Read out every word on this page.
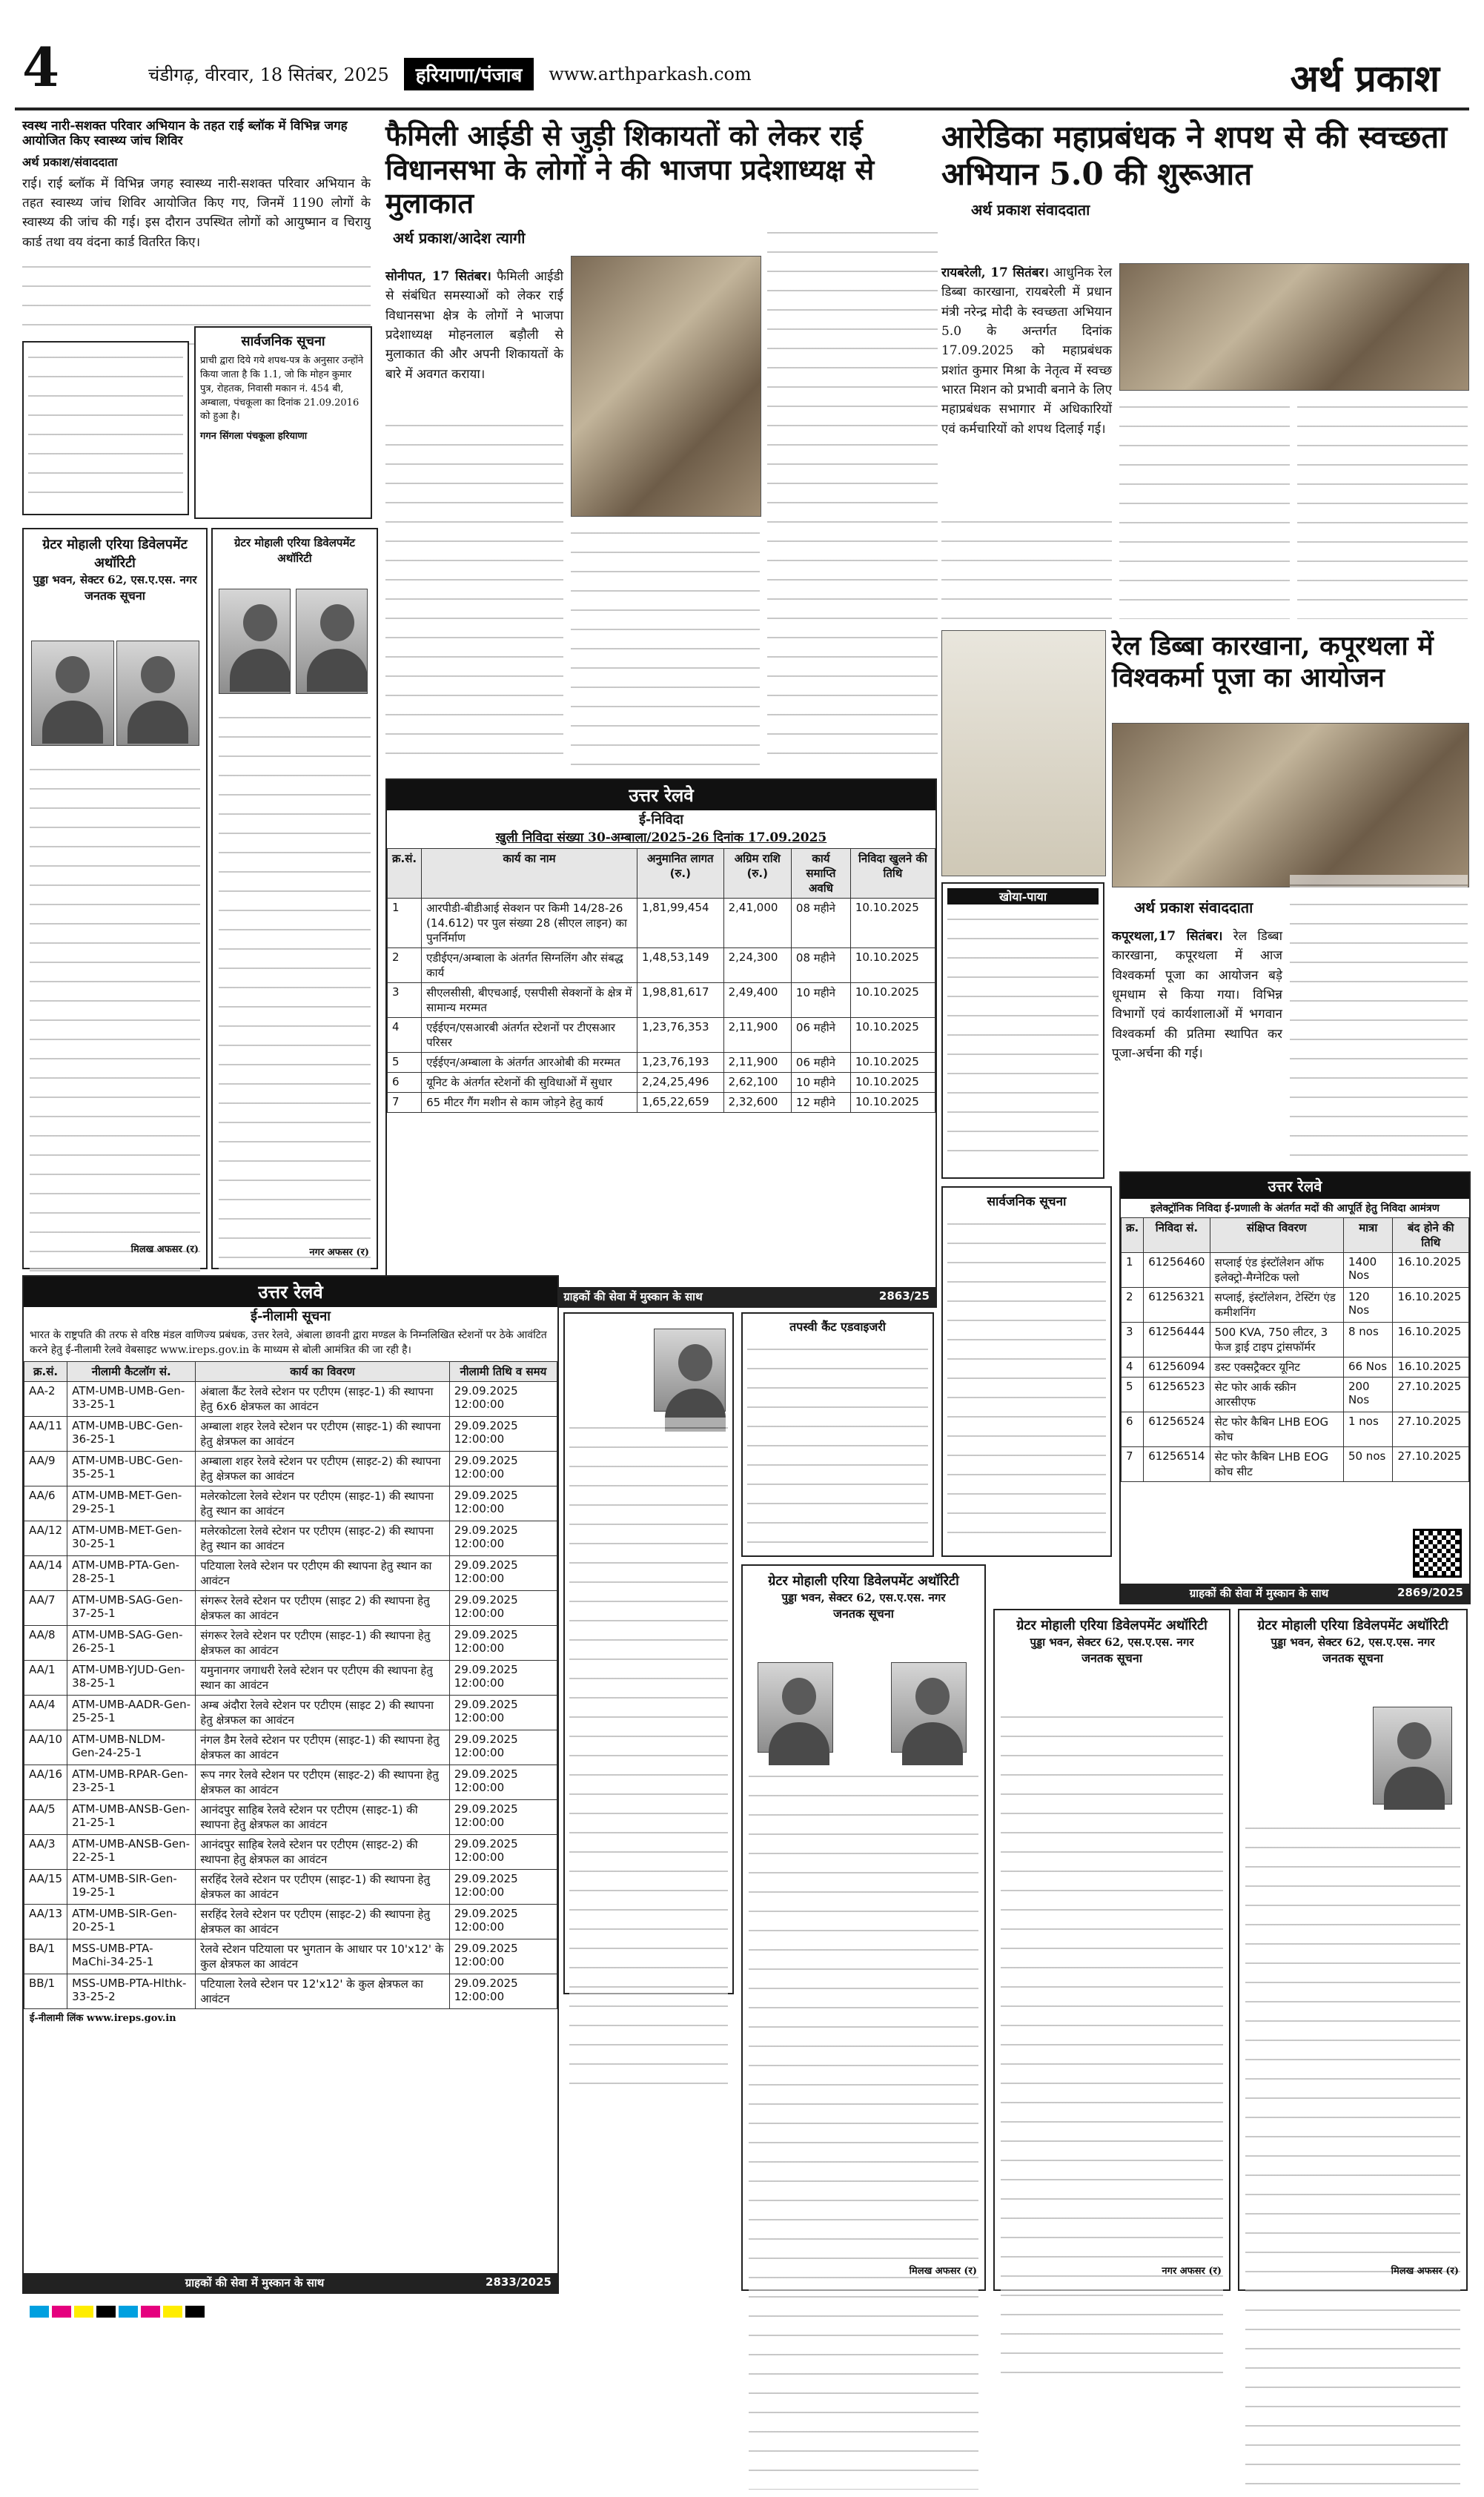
4	चंडीगढ़, वीरवार, 18 सितंबर, 2025	हरियाणा/पंजाब	www.arthparkash.com	अर्थ प्रकाश
स्वस्थ नारी-सशक्त परिवार अभियान के तहत राई ब्लॉक में विभिन्न जगह आयोजित किए स्वास्थ्य जांच शिविर
अर्थ प्रकाश/संवाददाता

राई। राई ब्लॉक में विभिन्न जगह स्वास्थ्य नारी-सशक्त परिवार अभियान के तहत स्वास्थ्य जांच शिविर आयोजित किए गए, जिनमें 1190 लोगों के स्वास्थ्य की जांच की गई। इस दौरान उपस्थित लोगों को आयुष्मान व चिरायु कार्ड तथा वय वंदना कार्ड वितरित किए।

सार्वजनिक सूचना
प्राची द्वारा दिये गये शपथ-पत्र के अनुसार उन्होंने किया जाता है कि 1.1, जो कि मोहन कुमार पुत्र, रोहतक, निवासी मकान नं. 454 बी, अम्बाला, पंचकूला का दिनांक 21.09.2016 को हुआ है।
गगन सिंगला पंचकूला हरियाणा
ग्रेटर मोहाली एरिया डिवेलपमेंट अथॉरिटी
पुड्डा भवन, सेक्टर 62, एस.ए.एस. नगर
जनतक सूचना
मिलख अफसर (र)
ग्रेटर मोहाली एरिया डिवेलपमेंट अथॉरिटी
नगर अफसर (र)
फैमिली आईडी से जुड़ी शिकायतों को लेकर राई विधानसभा के लोगों ने की भाजपा प्रदेशाध्यक्ष से मुलाकात
अर्थ प्रकाश/आदेश त्यागी
सोनीपत, 17 सितंबर। फैमिली आईडी से संबंधित समस्याओं को लेकर राई विधानसभा क्षेत्र के लोगों ने भाजपा प्रदेशाध्यक्ष मोहनलाल बड़ौली से मुलाकात की और अपनी शिकायतों के बारे में अवगत कराया।
आरेडिका महाप्रबंधक ने शपथ से की स्वच्छता अभियान 5.0 की शुरूआत
अर्थ प्रकाश संवाददाता
रायबरेली, 17 सितंबर। आधुनिक रेल डिब्बा कारखाना, रायबरेली में प्रधान मंत्री नरेन्द्र मोदी के स्वच्छता अभियान 5.0 के अन्तर्गत दिनांक 17.09.2025 को महाप्रबंधक प्रशांत कुमार मिश्रा के नेतृत्व में स्वच्छ भारत मिशन को प्रभावी बनाने के लिए महाप्रबंधक सभागार में अधिकारियों एवं कर्मचारियों को शपथ दिलाई गई।
रेल डिब्बा कारखाना, कपूरथला में विश्वकर्मा पूजा का आयोजन
अर्थ प्रकाश संवाददाता
कपूरथला,17 सितंबर। रेल डिब्बा कारखाना, कपूरथला में आज विश्वकर्मा पूजा का आयोजन बड़े धूमधाम से किया गया। विभिन्न विभागों एवं कार्यशालाओं में भगवान विश्वकर्मा की प्रतिमा स्थापित कर पूजा-अर्चना की गई।
खोया-पाया
उत्तर रेलवे
ई-निविदा
खुली निविदा संख्या 30-अम्बाला/2025-26 दिनांक 17.09.2025
क्र.सं.	कार्य का नाम	अनुमानित लागत (रु.)	अग्रिम राशि (रु.)	कार्य समाप्ति अवधि	निविदा खुलने की तिथि
1	आरपीडी-बीडीआई सेक्शन पर किमी 14/28-26 (14.612) पर पुल संख्या 28 (सीएल लाइन) का पुनर्निर्माण	1,81,99,454	2,41,000	08 महीने	10.10.2025
2	एडीईएन/अम्बाला के अंतर्गत सिग्नलिंग और संबद्ध कार्य	1,48,53,149	2,24,300	08 महीने	10.10.2025
3	सीएलसीसी, बीएचआई, एसपीसी सेक्शनों के क्षेत्र में सामान्य मरम्मत	1,98,81,617	2,49,400	10 महीने	10.10.2025
4	एईईएन/एसआरबी अंतर्गत स्टेशनों पर टीएसआर परिसर	1,23,76,353	2,11,900	06 महीने	10.10.2025
5	एईईएन/अम्बाला के अंतर्गत आरओबी की मरम्मत	1,23,76,193	2,11,900	06 महीने	10.10.2025
6	यूनिट के अंतर्गत स्टेशनों की सुविधाओं में सुधार	2,24,25,496	2,62,100	10 महीने	10.10.2025
7	65 मीटर गैंग मशीन से काम जोड़ने हेतु कार्य	1,65,22,659	2,32,600	12 महीने	10.10.2025
ग्राहकों की सेवा में मुस्कान के साथ	2863/25
सार्वजनिक सूचना
तपस्वी कैंट एडवाइजरी
उत्तर रेलवे
इलेक्ट्रॉनिक निविदा ई-प्रणाली के अंतर्गत मदों की आपूर्ति हेतु निविदा आमंत्रण
क्र.	निविदा सं.	संक्षिप्त विवरण	मात्रा	बंद होने की तिथि
1	61256460	सप्लाई एंड इंस्टॉलेशन ऑफ इलेक्ट्रो-मैग्नेटिक फ्लो	1400 Nos	16.10.2025
2	61256321	सप्लाई, इंस्टॉलेशन, टेस्टिंग एंड कमीशनिंग	120 Nos	16.10.2025
3	61256444	500 KVA, 750 लीटर, 3 फेज ड्राई टाइप ट्रांसफॉर्मर	8 nos	16.10.2025
4	61256094	डस्ट एक्सट्रैक्टर यूनिट	66 Nos	16.10.2025
5	61256523	सेट फोर आर्क स्क्रीन आरसीएफ	200 Nos	27.10.2025
6	61256524	सेट फोर कैबिन LHB EOG कोच	1 nos	27.10.2025
7	61256514	सेट फोर कैबिन LHB EOG कोच सीट	50 nos	27.10.2025
ग्राहकों की सेवा में मुस्कान के साथ	2869/2025
उत्तर रेलवे
ई-नीलामी सूचना
भारत के राष्ट्रपति की तरफ से वरिष्ठ मंडल वाणिज्य प्रबंधक, उत्तर रेलवे, अंबाला छावनी द्वारा मण्डल के निम्नलिखित स्टेशनों पर ठेके आवंटित करने हेतु ई-नीलामी रेलवे वेबसाइट www.ireps.gov.in के माध्यम से बोली आमंत्रित की जा रही है।
क्र.सं.	नीलामी कैटलॉग सं.	कार्य का विवरण	नीलामी तिथि व समय
AA-2	ATM-UMB-UMB-Gen-33-25-1	अंबाला कैंट रेलवे स्टेशन पर एटीएम (साइट-1) की स्थापना हेतु 6x6 क्षेत्रफल का आवंटन	29.09.2025 12:00:00
AA/11	ATM-UMB-UBC-Gen-36-25-1	अम्बाला शहर रेलवे स्टेशन पर एटीएम (साइट-1) की स्थापना हेतु क्षेत्रफल का आवंटन	29.09.2025 12:00:00
AA/9	ATM-UMB-UBC-Gen-35-25-1	अम्बाला शहर रेलवे स्टेशन पर एटीएम (साइट-2) की स्थापना हेतु क्षेत्रफल का आवंटन	29.09.2025 12:00:00
AA/6	ATM-UMB-MET-Gen-29-25-1	मलेरकोटला रेलवे स्टेशन पर एटीएम (साइट-1) की स्थापना हेतु स्थान का आवंटन	29.09.2025 12:00:00
AA/12	ATM-UMB-MET-Gen-30-25-1	मलेरकोटला रेलवे स्टेशन पर एटीएम (साइट-2) की स्थापना हेतु स्थान का आवंटन	29.09.2025 12:00:00
AA/14	ATM-UMB-PTA-Gen-28-25-1	पटियाला रेलवे स्टेशन पर एटीएम की स्थापना हेतु स्थान का आवंटन	29.09.2025 12:00:00
AA/7	ATM-UMB-SAG-Gen-37-25-1	संगरूर रेलवे स्टेशन पर एटीएम (साइट 2) की स्थापना हेतु क्षेत्रफल का आवंटन	29.09.2025 12:00:00
AA/8	ATM-UMB-SAG-Gen-26-25-1	संगरूर रेलवे स्टेशन पर एटीएम (साइट-1) की स्थापना हेतु क्षेत्रफल का आवंटन	29.09.2025 12:00:00
AA/1	ATM-UMB-YJUD-Gen-38-25-1	यमुनानगर जगाधरी रेलवे स्टेशन पर एटीएम की स्थापना हेतु स्थान का आवंटन	29.09.2025 12:00:00
AA/4	ATM-UMB-AADR-Gen-25-25-1	अम्ब अंदौरा रेलवे स्टेशन पर एटीएम (साइट 2) की स्थापना हेतु क्षेत्रफल का आवंटन	29.09.2025 12:00:00
AA/10	ATM-UMB-NLDM-Gen-24-25-1	नंगल डैम रेलवे स्टेशन पर एटीएम (साइट-1) की स्थापना हेतु क्षेत्रफल का आवंटन	29.09.2025 12:00:00
AA/16	ATM-UMB-RPAR-Gen-23-25-1	रूप नगर रेलवे स्टेशन पर एटीएम (साइट-2) की स्थापना हेतु क्षेत्रफल का आवंटन	29.09.2025 12:00:00
AA/5	ATM-UMB-ANSB-Gen-21-25-1	आनंदपुर साहिब रेलवे स्टेशन पर एटीएम (साइट-1) की स्थापना हेतु क्षेत्रफल का आवंटन	29.09.2025 12:00:00
AA/3	ATM-UMB-ANSB-Gen-22-25-1	आनंदपुर साहिब रेलवे स्टेशन पर एटीएम (साइट-2) की स्थापना हेतु क्षेत्रफल का आवंटन	29.09.2025 12:00:00
AA/15	ATM-UMB-SIR-Gen-19-25-1	सरहिंद रेलवे स्टेशन पर एटीएम (साइट-1) की स्थापना हेतु क्षेत्रफल का आवंटन	29.09.2025 12:00:00
AA/13	ATM-UMB-SIR-Gen-20-25-1	सरहिंद रेलवे स्टेशन पर एटीएम (साइट-2) की स्थापना हेतु क्षेत्रफल का आवंटन	29.09.2025 12:00:00
BA/1	MSS-UMB-PTA-MaChi-34-25-1	रेलवे स्टेशन पटियाला पर भुगतान के आधार पर 10'x12' के कुल क्षेत्रफल का आवंटन	29.09.2025 12:00:00
BB/1	MSS-UMB-PTA-Hlthk-33-25-2	पटियाला रेलवे स्टेशन पर 12'x12' के कुल क्षेत्रफल का आवंटन	29.09.2025 12:00:00
ई-नीलामी लिंक www.ireps.gov.in
ग्राहकों की सेवा में मुस्कान के साथ	2833/2025
ग्रेटर मोहाली एरिया डिवेलपमेंट अथॉरिटी
पुड्डा भवन, सेक्टर 62, एस.ए.एस. नगर
जनतक सूचना
मिलख अफसर (र)
ग्रेटर मोहाली एरिया डिवेलपमेंट अथॉरिटी
पुड्डा भवन, सेक्टर 62, एस.ए.एस. नगर
जनतक सूचना
नगर अफसर (र)
ग्रेटर मोहाली एरिया डिवेलपमेंट अथॉरिटी
पुड्डा भवन, सेक्टर 62, एस.ए.एस. नगर
जनतक सूचना
मिलख अफसर (र)
